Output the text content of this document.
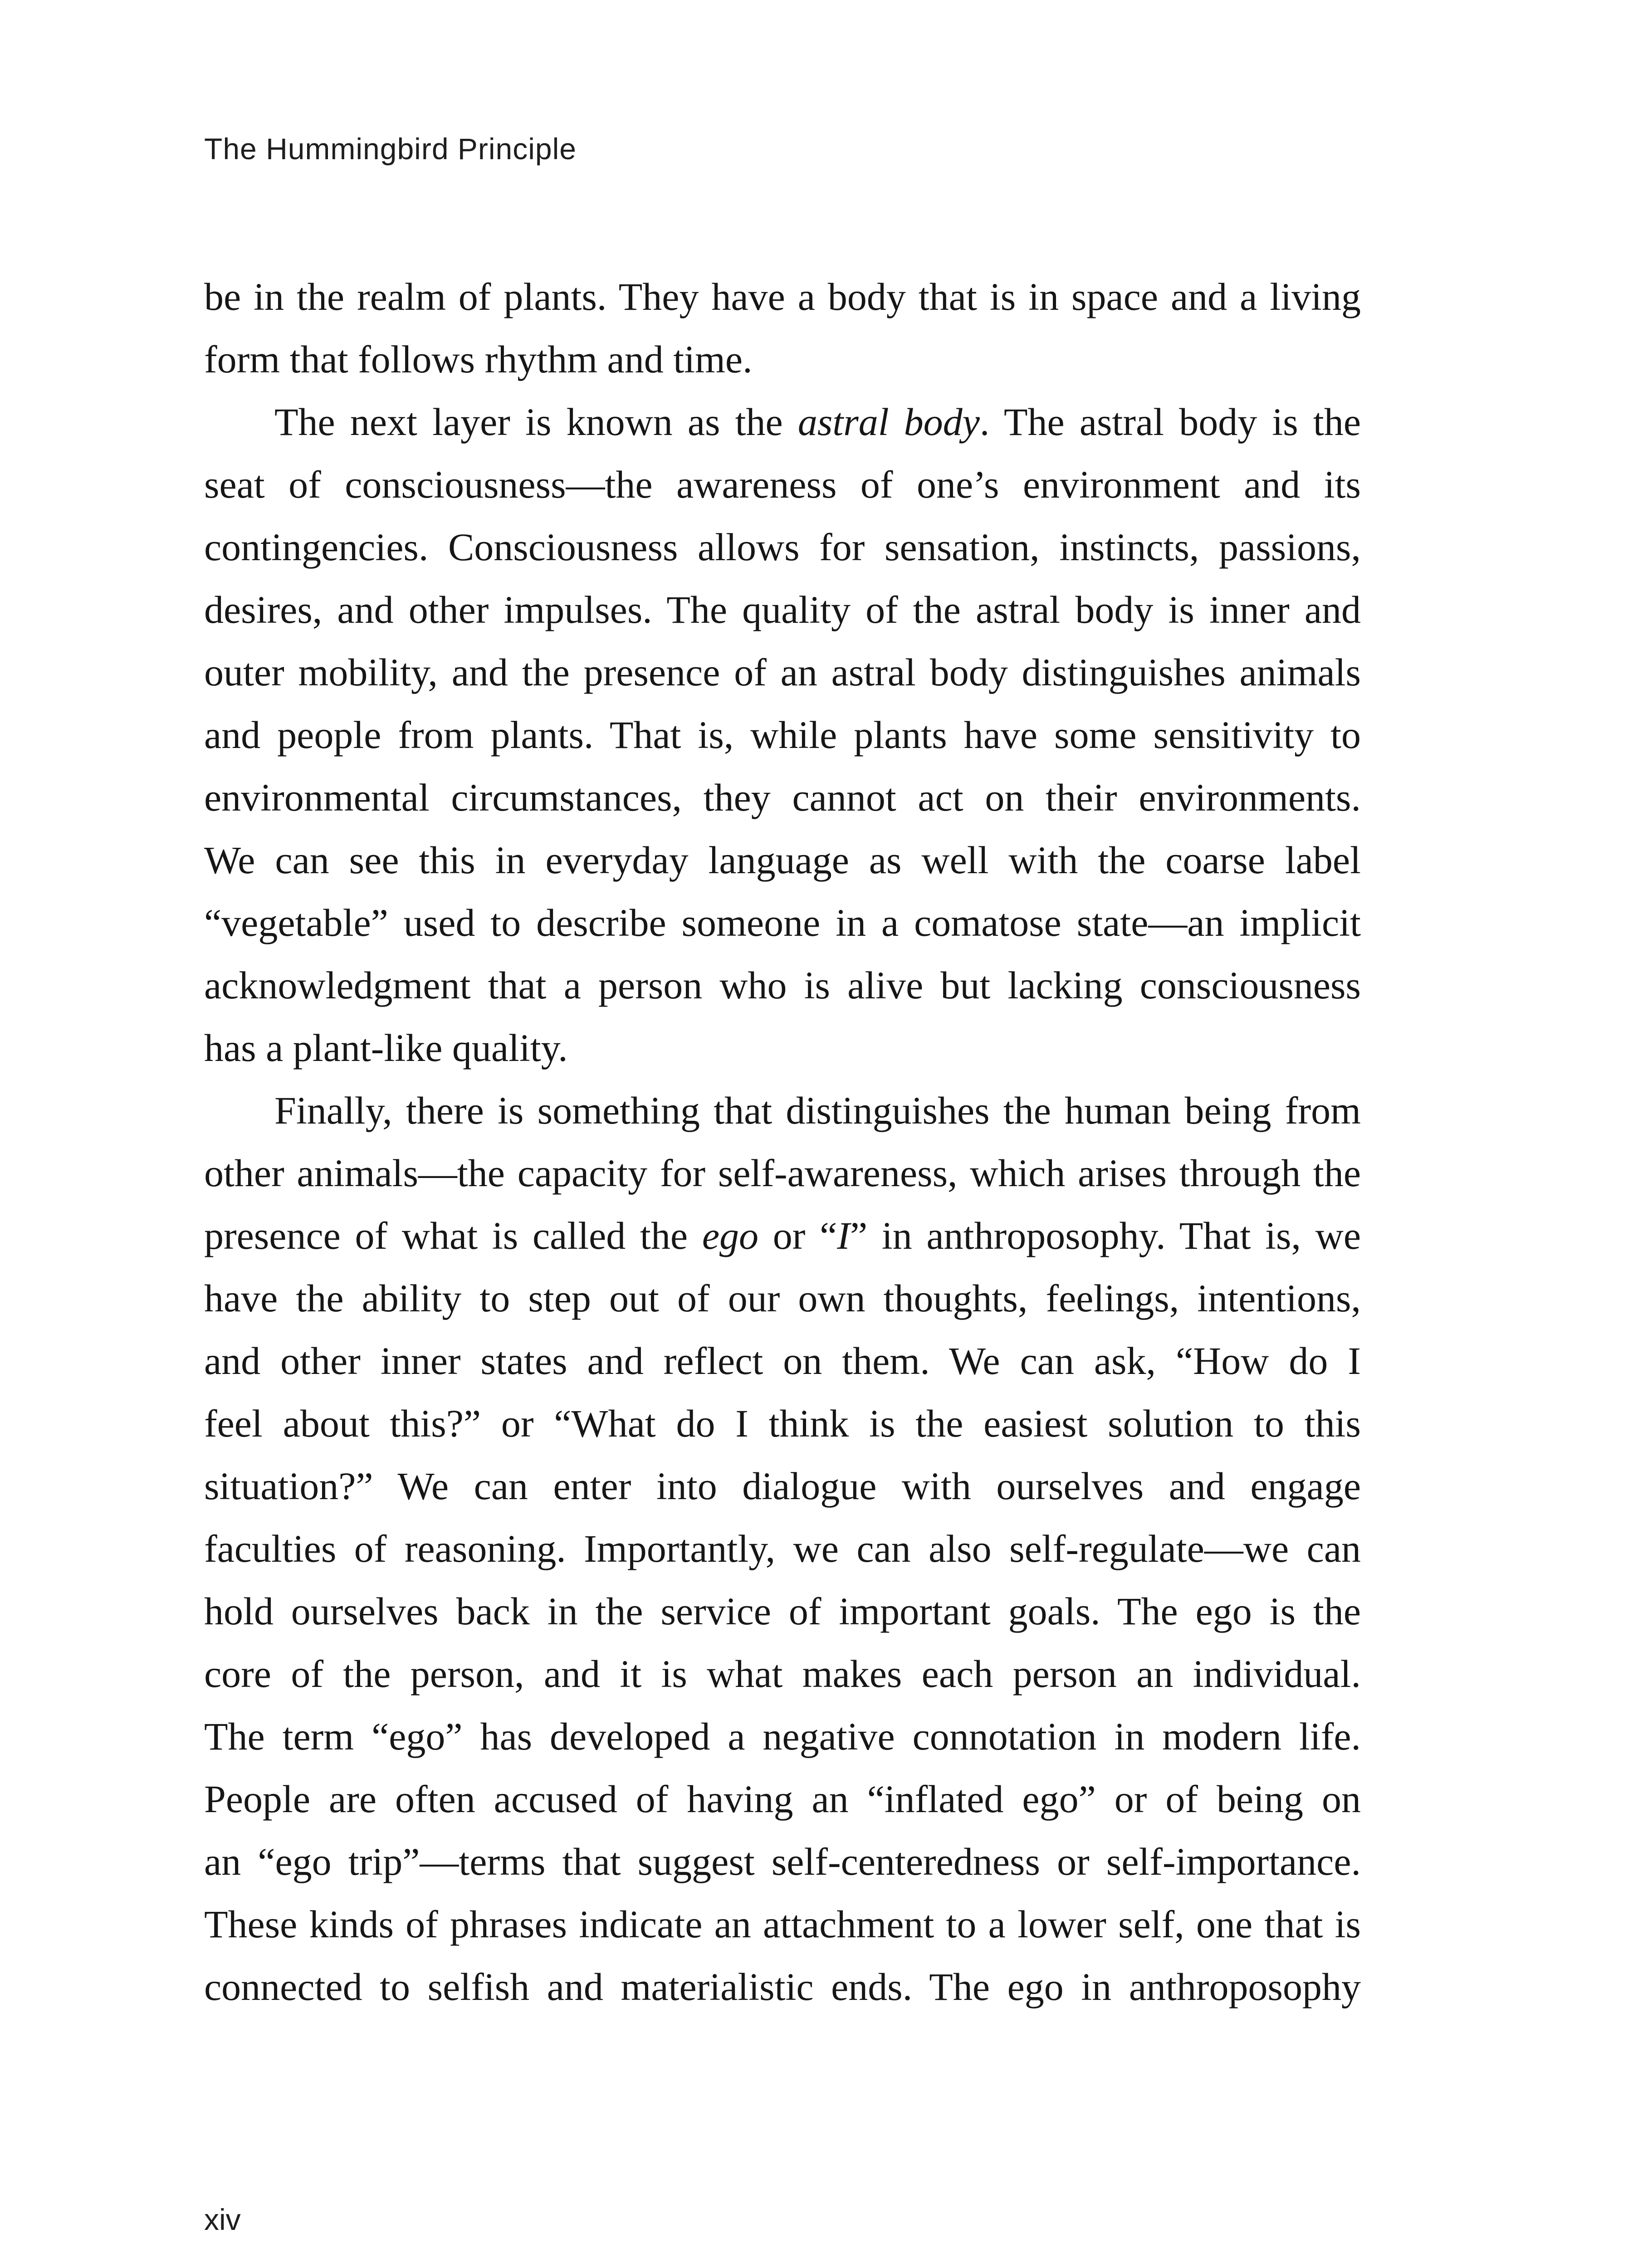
The Hummingbird Principle
be in the realm of plants. They have a body that is in space and a living
form that follows rhythm and time.
The next layer is known as the astral body. The astral body is the
seat of consciousness—the awareness of one’s environment and its
contingencies. Consciousness allows for sensation, instincts, passions,
desires, and other impulses. The quality of the astral body is inner and
outer mobility, and the presence of an astral body distinguishes animals
and people from plants. That is, while plants have some sensitivity to
environmental circumstances, they cannot act on their environments.
We can see this in everyday language as well with the coarse label
“vegetable” used to describe someone in a comatose state—an implicit
acknowledgment that a person who is alive but lacking consciousness
has a plant-like quality.
Finally, there is something that distinguishes the human being from
other animals—the capacity for self-awareness, which arises through the
presence of what is called the ego or “I” in anthroposophy. That is, we
have the ability to step out of our own thoughts, feelings, intentions,
and other inner states and reflect on them. We can ask, “How do I
feel about this?” or “What do I think is the easiest solution to this
situation?” We can enter into dialogue with ourselves and engage
faculties of reasoning. Importantly, we can also self-regulate—we can
hold ourselves back in the service of important goals. The ego is the
core of the person, and it is what makes each person an individual.
The term “ego” has developed a negative connotation in modern life.
People are often accused of having an “inflated ego” or of being on
an “ego trip”—terms that suggest self-centeredness or self-importance.
These kinds of phrases indicate an attachment to a lower self, one that is
connected to selfish and materialistic ends. The ego in anthroposophy
xiv
